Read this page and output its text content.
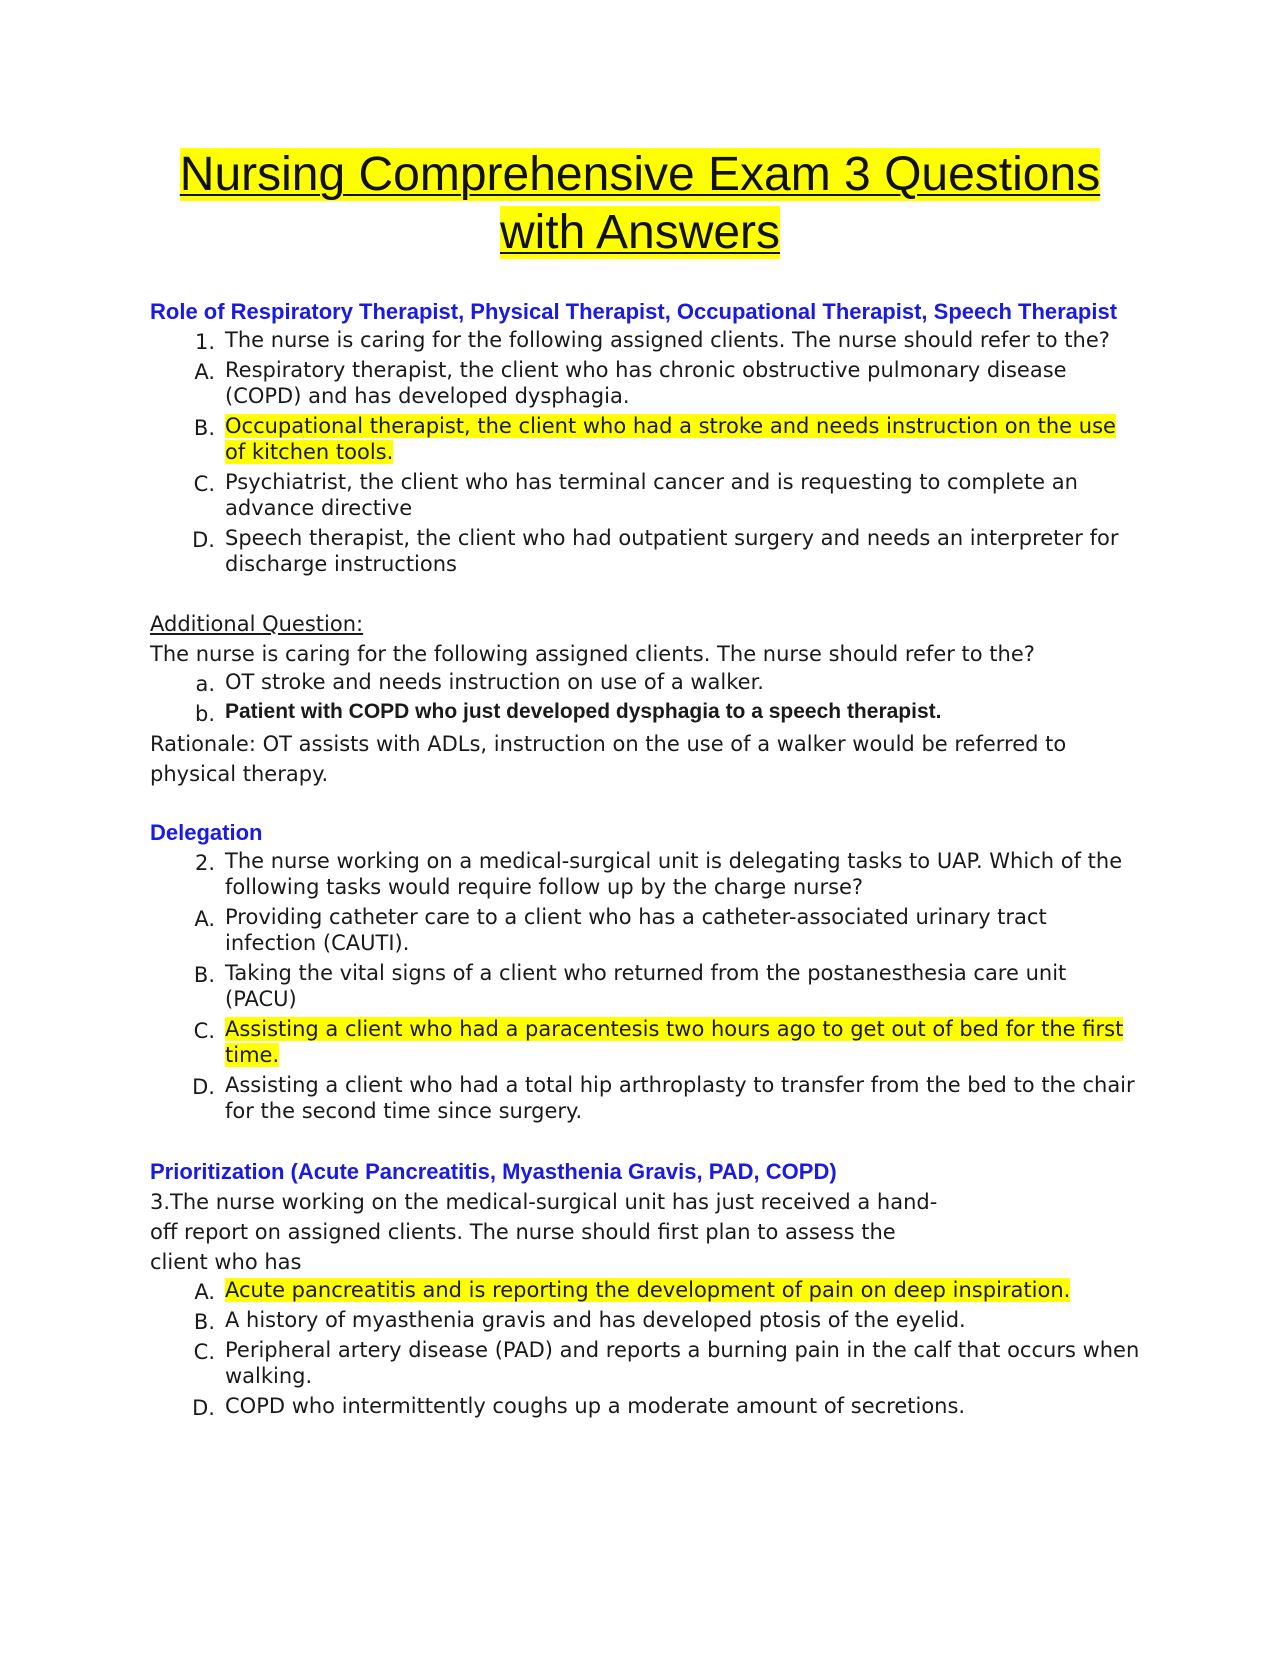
Nursing Comprehensive Exam 3 Questions
with Answers

Role of Respiratory Therapist, Physical Therapist, Occupational Therapist, Speech Therapist

1. The nurse is caring for the following assigned clients. The nurse should refer to the?
A. Respiratory therapist, the client who has chronic obstructive pulmonary disease (COPD) and has developed dysphagia.
B. Occupational therapist, the client who had a stroke and needs instruction on the use of kitchen tools.
C. Psychiatrist, the client who has terminal cancer and is requesting to complete an advance directive
D. Speech therapist, the client who had outpatient surgery and needs an interpreter for discharge instructions

Additional Question:

The nurse is caring for the following assigned clients. The nurse should refer to the?

a. OT stroke and needs instruction on use of a walker.
b. Patient with COPD who just developed dysphagia to a speech therapist.

Rationale: OT assists with ADLs, instruction on the use of a walker would be referred to physical therapy.

Delegation

2. The nurse working on a medical-surgical unit is delegating tasks to UAP. Which of the following tasks would require follow up by the charge nurse?
A. Providing catheter care to a client who has a catheter-associated urinary tract infection (CAUTI).
B. Taking the vital signs of a client who returned from the postanesthesia care unit (PACU)
C. Assisting a client who had a paracentesis two hours ago to get out of bed for the first time.
D. Assisting a client who had a total hip arthroplasty to transfer from the bed to the chair for the second time since surgery.

Prioritization (Acute Pancreatitis, Myasthenia Gravis, PAD, COPD)

3.The nurse working on the medical-surgical unit has just received a hand-

off report on assigned clients. The nurse should first plan to assess the

client who has

A. Acute pancreatitis and is reporting the development of pain on deep inspiration.
B. A history of myasthenia gravis and has developed ptosis of the eyelid.
C. Peripheral artery disease (PAD) and reports a burning pain in the calf that occurs when walking.
D. COPD who intermittently coughs up a moderate amount of secretions.
